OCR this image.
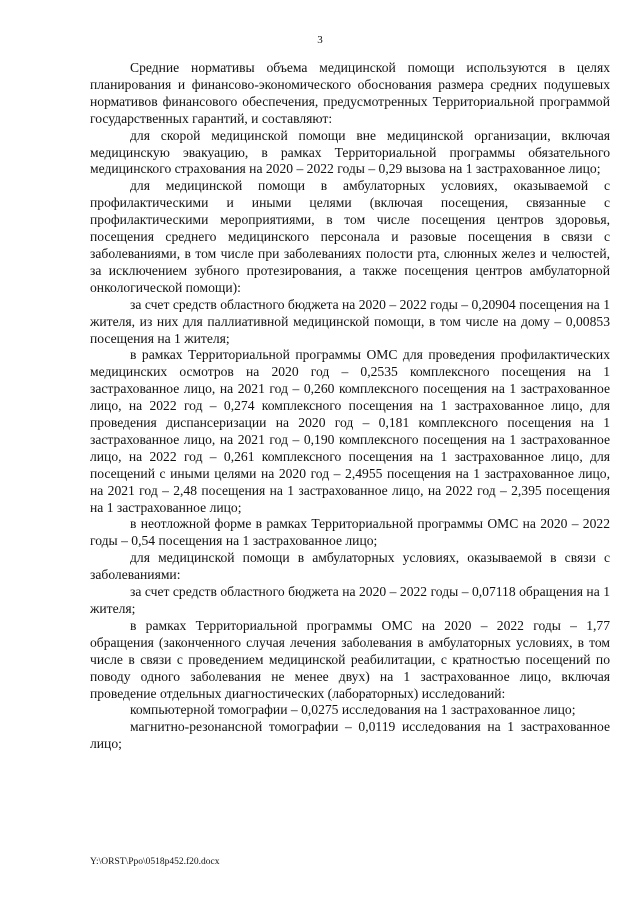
3

Средние нормативы объема медицинской помощи используются в целях планирования и финансово-экономического обоснования размера средних подушевых нормативов финансового обеспечения, предусмотренных Территориальной программой государственных гарантий, и составляют:

для скорой медицинской помощи вне медицинской организации, включая медицинскую эвакуацию, в рамках Территориальной программы обязательного медицинского страхования на 2020 – 2022 годы – 0,29 вызова на 1 застрахованное лицо;

для медицинской помощи в амбулаторных условиях, оказываемой с профилактическими и иными целями (включая посещения, связанные с профилактическими мероприятиями, в том числе посещения центров здоровья, посещения среднего медицинского персонала и разовые посещения в связи с заболеваниями, в том числе при заболеваниях полости рта, слюнных желез и челюстей, за исключением зубного протезирования, а также посещения центров амбулаторной онкологической помощи):

за счет средств областного бюджета на 2020 – 2022 годы – 0,20904 посещения на 1 жителя, из них для паллиативной медицинской помощи, в том числе на дому – 0,00853 посещения на 1 жителя;

в рамках Территориальной программы ОМС для проведения профилактических медицинских осмотров на 2020 год – 0,2535 комплексного посещения на 1 застрахованное лицо, на 2021 год – 0,260 комплексного посещения на 1 застрахованное лицо, на 2022 год – 0,274 комплексного посещения на 1 застрахованное лицо, для проведения диспансеризации на 2020 год – 0,181 комплексного посещения на 1 застрахованное лицо, на 2021 год – 0,190 комплексного посещения на 1 застрахованное лицо, на 2022 год – 0,261 комплексного посещения на 1 застрахованное лицо, для посещений с иными целями на 2020 год – 2,4955 посещения на 1 застрахованное лицо, на 2021 год – 2,48 посещения на 1 застрахованное лицо, на 2022 год – 2,395 посещения на 1 застрахованное лицо;

в неотложной форме в рамках Территориальной программы ОМС на 2020 – 2022 годы – 0,54 посещения на 1 застрахованное лицо;

для медицинской помощи в амбулаторных условиях, оказываемой в связи с заболеваниями:

за счет средств областного бюджета на 2020 – 2022 годы – 0,07118 обращения на 1 жителя;

в рамках Территориальной программы ОМС на 2020 – 2022 годы – 1,77 обращения (законченного случая лечения заболевания в амбулаторных условиях, в том числе в связи с проведением медицинской реабилитации, с кратностью посещений по поводу одного заболевания не менее двух) на 1 застрахованное лицо, включая проведение отдельных диагностических (лабораторных) исследований:

компьютерной томографии – 0,0275 исследования на 1 застрахованное лицо;

магнитно-резонансной томографии – 0,0119 исследования на 1 застрахованное лицо;

Y:\ORST\Ppo\0518p452.f20.docx
